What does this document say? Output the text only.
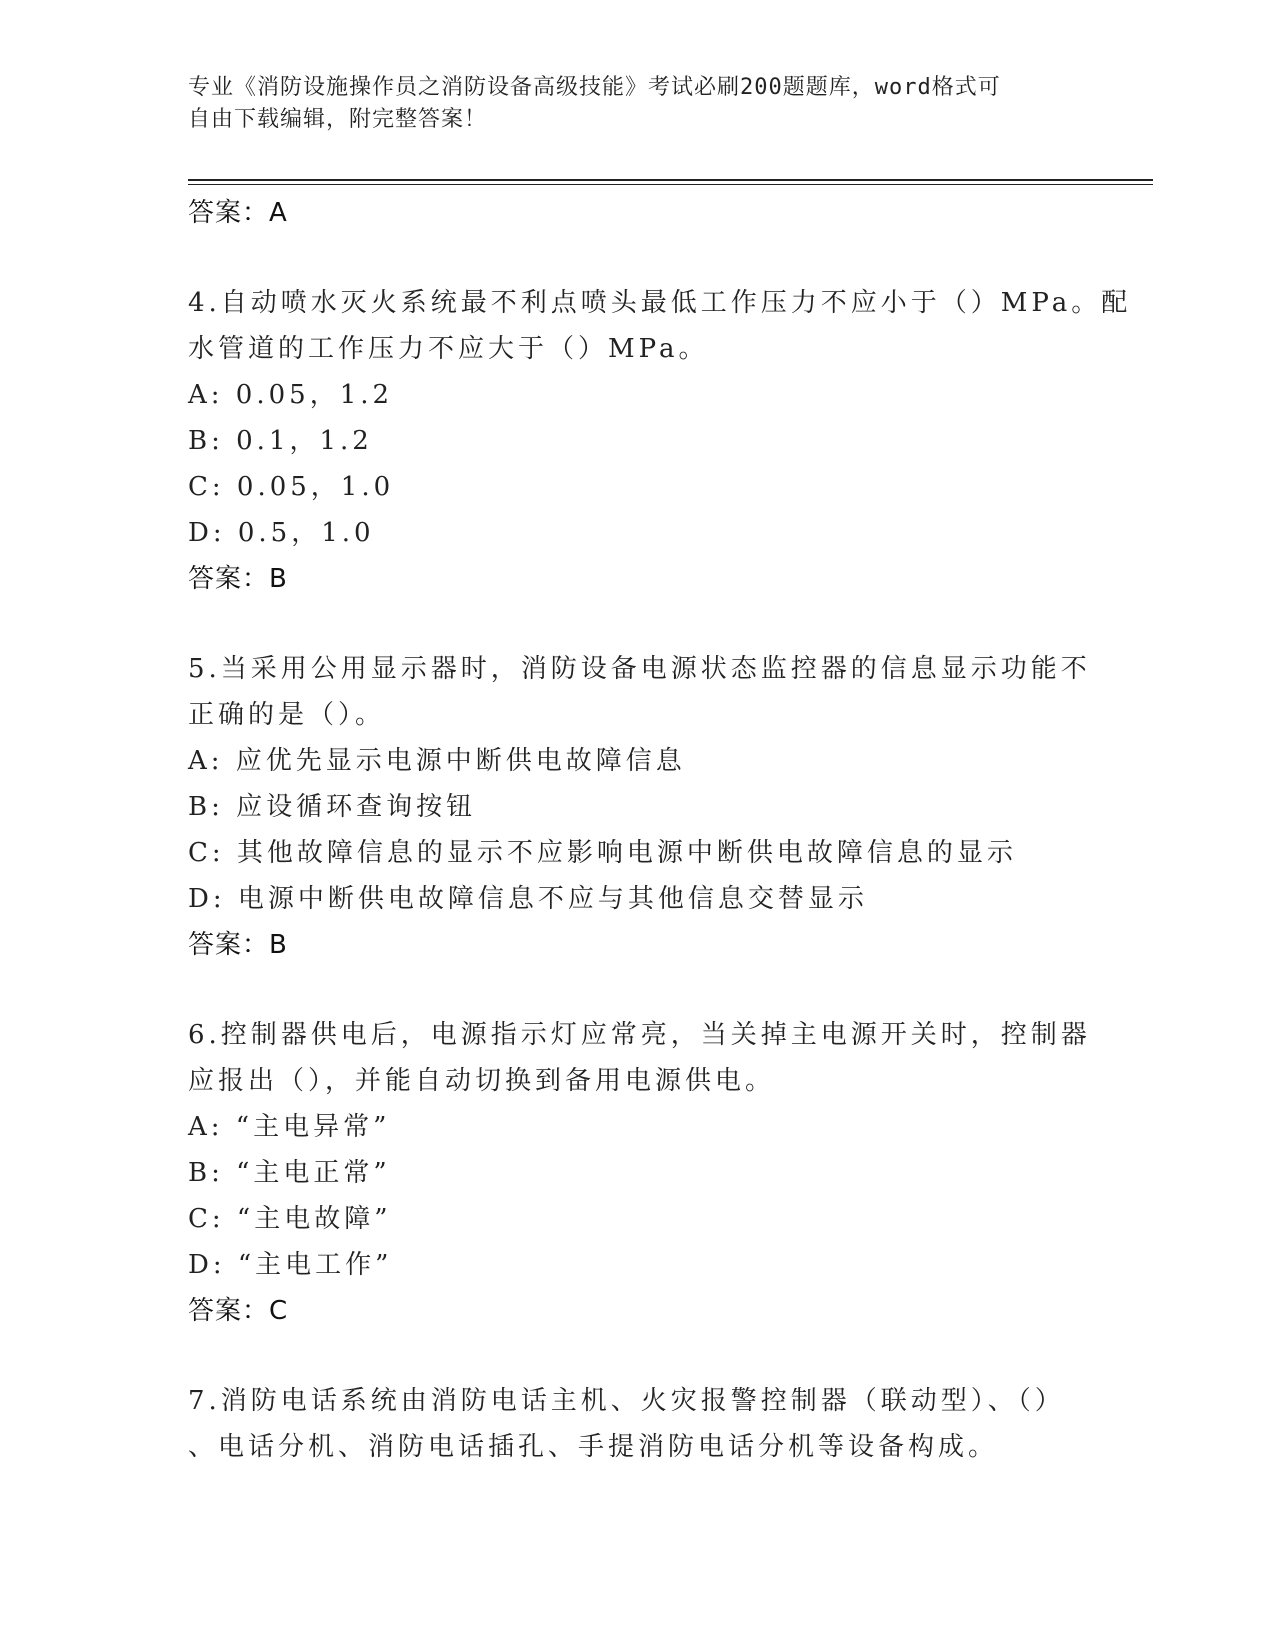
专业《消防设施操作员之消防设备高级技能》考试必刷200题题库，word格式可
自由下载编辑，附完整答案！
答案：A
4.自动喷水灭火系统最不利点喷头最低工作压力不应小于（）MPa。配
水管道的工作压力不应大于（）MPa。
A: 0.05，1.2
B: 0.1，1.2
C: 0.05，1.0
D: 0.5，1.0
答案：B
5.当采用公用显示器时，消防设备电源状态监控器的信息显示功能不
正确的是（）。
A: 应优先显示电源中断供电故障信息
B: 应设循环查询按钮
C: 其他故障信息的显示不应影响电源中断供电故障信息的显示
D: 电源中断供电故障信息不应与其他信息交替显示
答案：B
6.控制器供电后，电源指示灯应常亮，当关掉主电源开关时，控制器
应报出（），并能自动切换到备用电源供电。
A: “主电异常”
B: “主电正常”
C: “主电故障”
D: “主电工作”
答案：C
7.消防电话系统由消防电话主机、火灾报警控制器（联动型）、（）
、电话分机、消防电话插孔、手提消防电话分机等设备构成。
